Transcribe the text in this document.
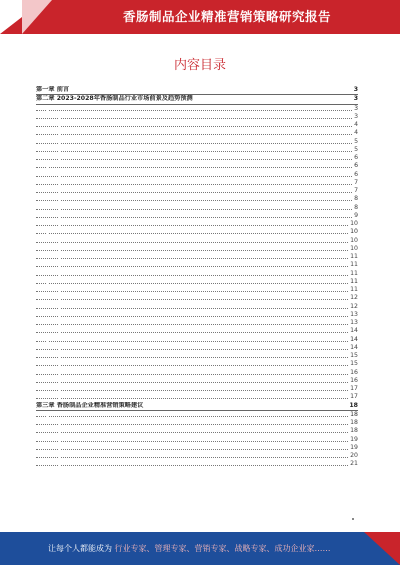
香肠制品企业精准营销策略研究报告
内容目录
第一章 前言	3
第二章 2023-2028年香肠制品行业市场前景及趋势预测	3
3
3
4
4
5
5
6
6
6
7
7
8
8
9
10
10
10
10
11
11
11
11
11
12
12
13
13
14
14
14
15
15
16
16
17
17
第三章 香肠制品企业精准营销策略建议	18
18
18
18
19
19
20
21
让每个人都能成为 行业专家、管理专家、营销专家、战略专家、成功企业家……
